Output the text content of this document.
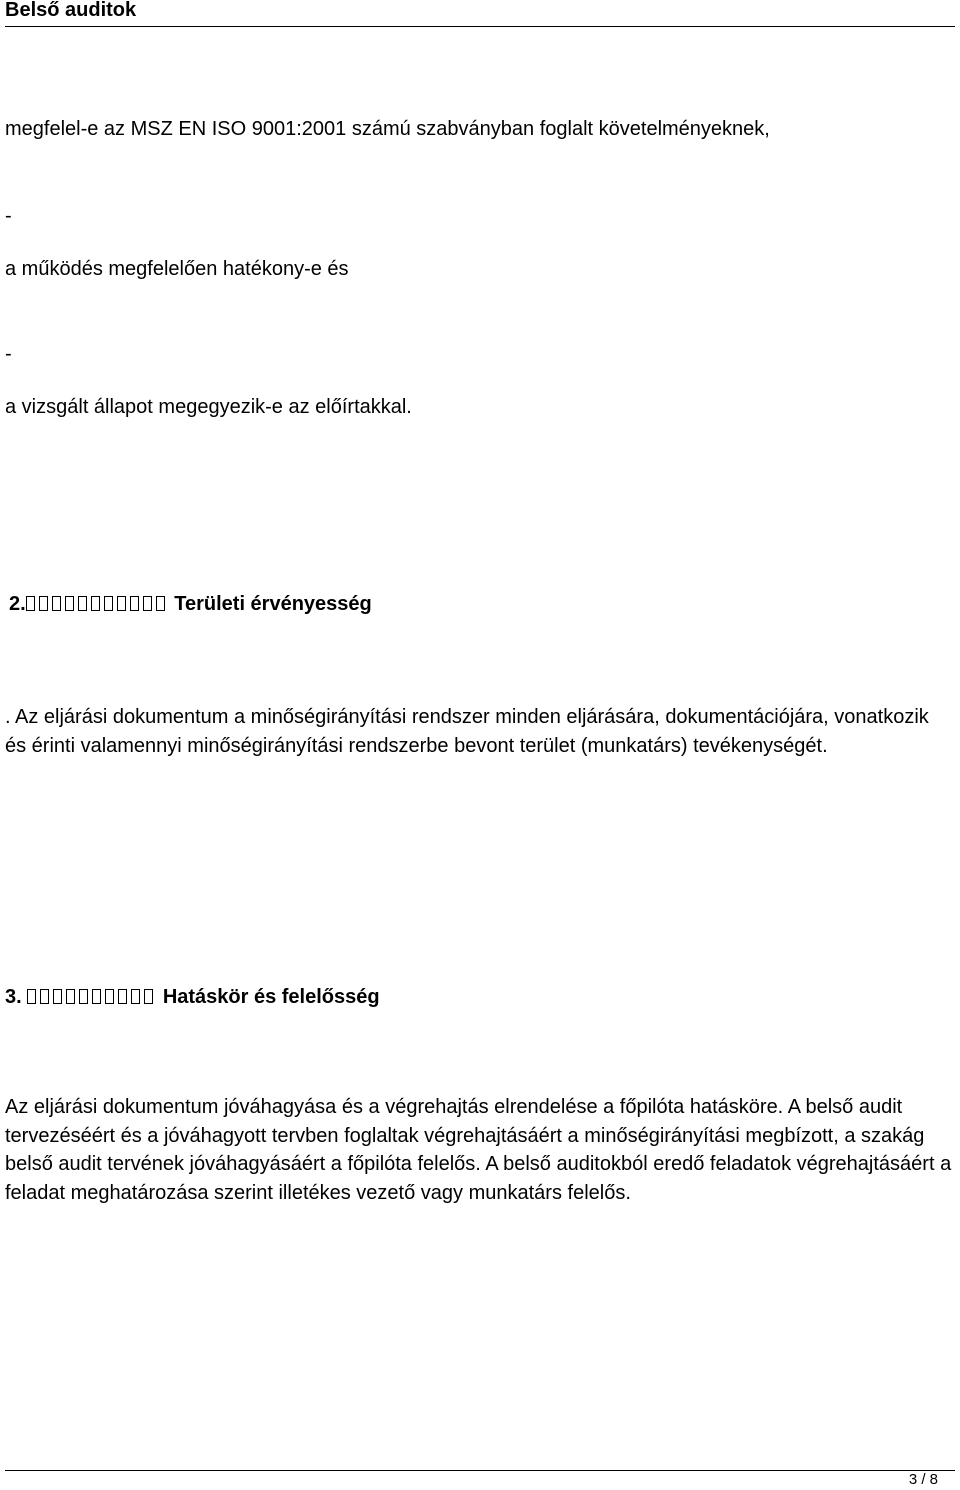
Belső auditok
megfelel-e az MSZ EN ISO 9001:2001 számú szabványban foglalt követelményeknek,
-
a működés megfelelően hatékony-e és
-
a vizsgált állapot megegyezik-e az előírtakkal.
2.	Területi érvényesség
. Az eljárási dokumentum a minőségirányítási rendszer minden eljárására, dokumentációjára, vonatkozik és érinti valamennyi minőségirányítási rendszerbe bevont terület (munkatárs) tevékenységét.
3.	Hatáskör és felelősség
Az eljárási dokumentum jóváhagyása és a végrehajtás elrendelése a főpilóta hatásköre. A belső audit tervezéséért és a jóváhagyott tervben foglaltak végrehajtásáért a minőségirányítási megbízott, a szakág belső audit tervének jóváhagyásáért a főpilóta felelős. A belső auditokból eredő feladatok végrehajtásáért a feladat meghatározása szerint illetékes vezető vagy munkatárs felelős.
3 / 8
